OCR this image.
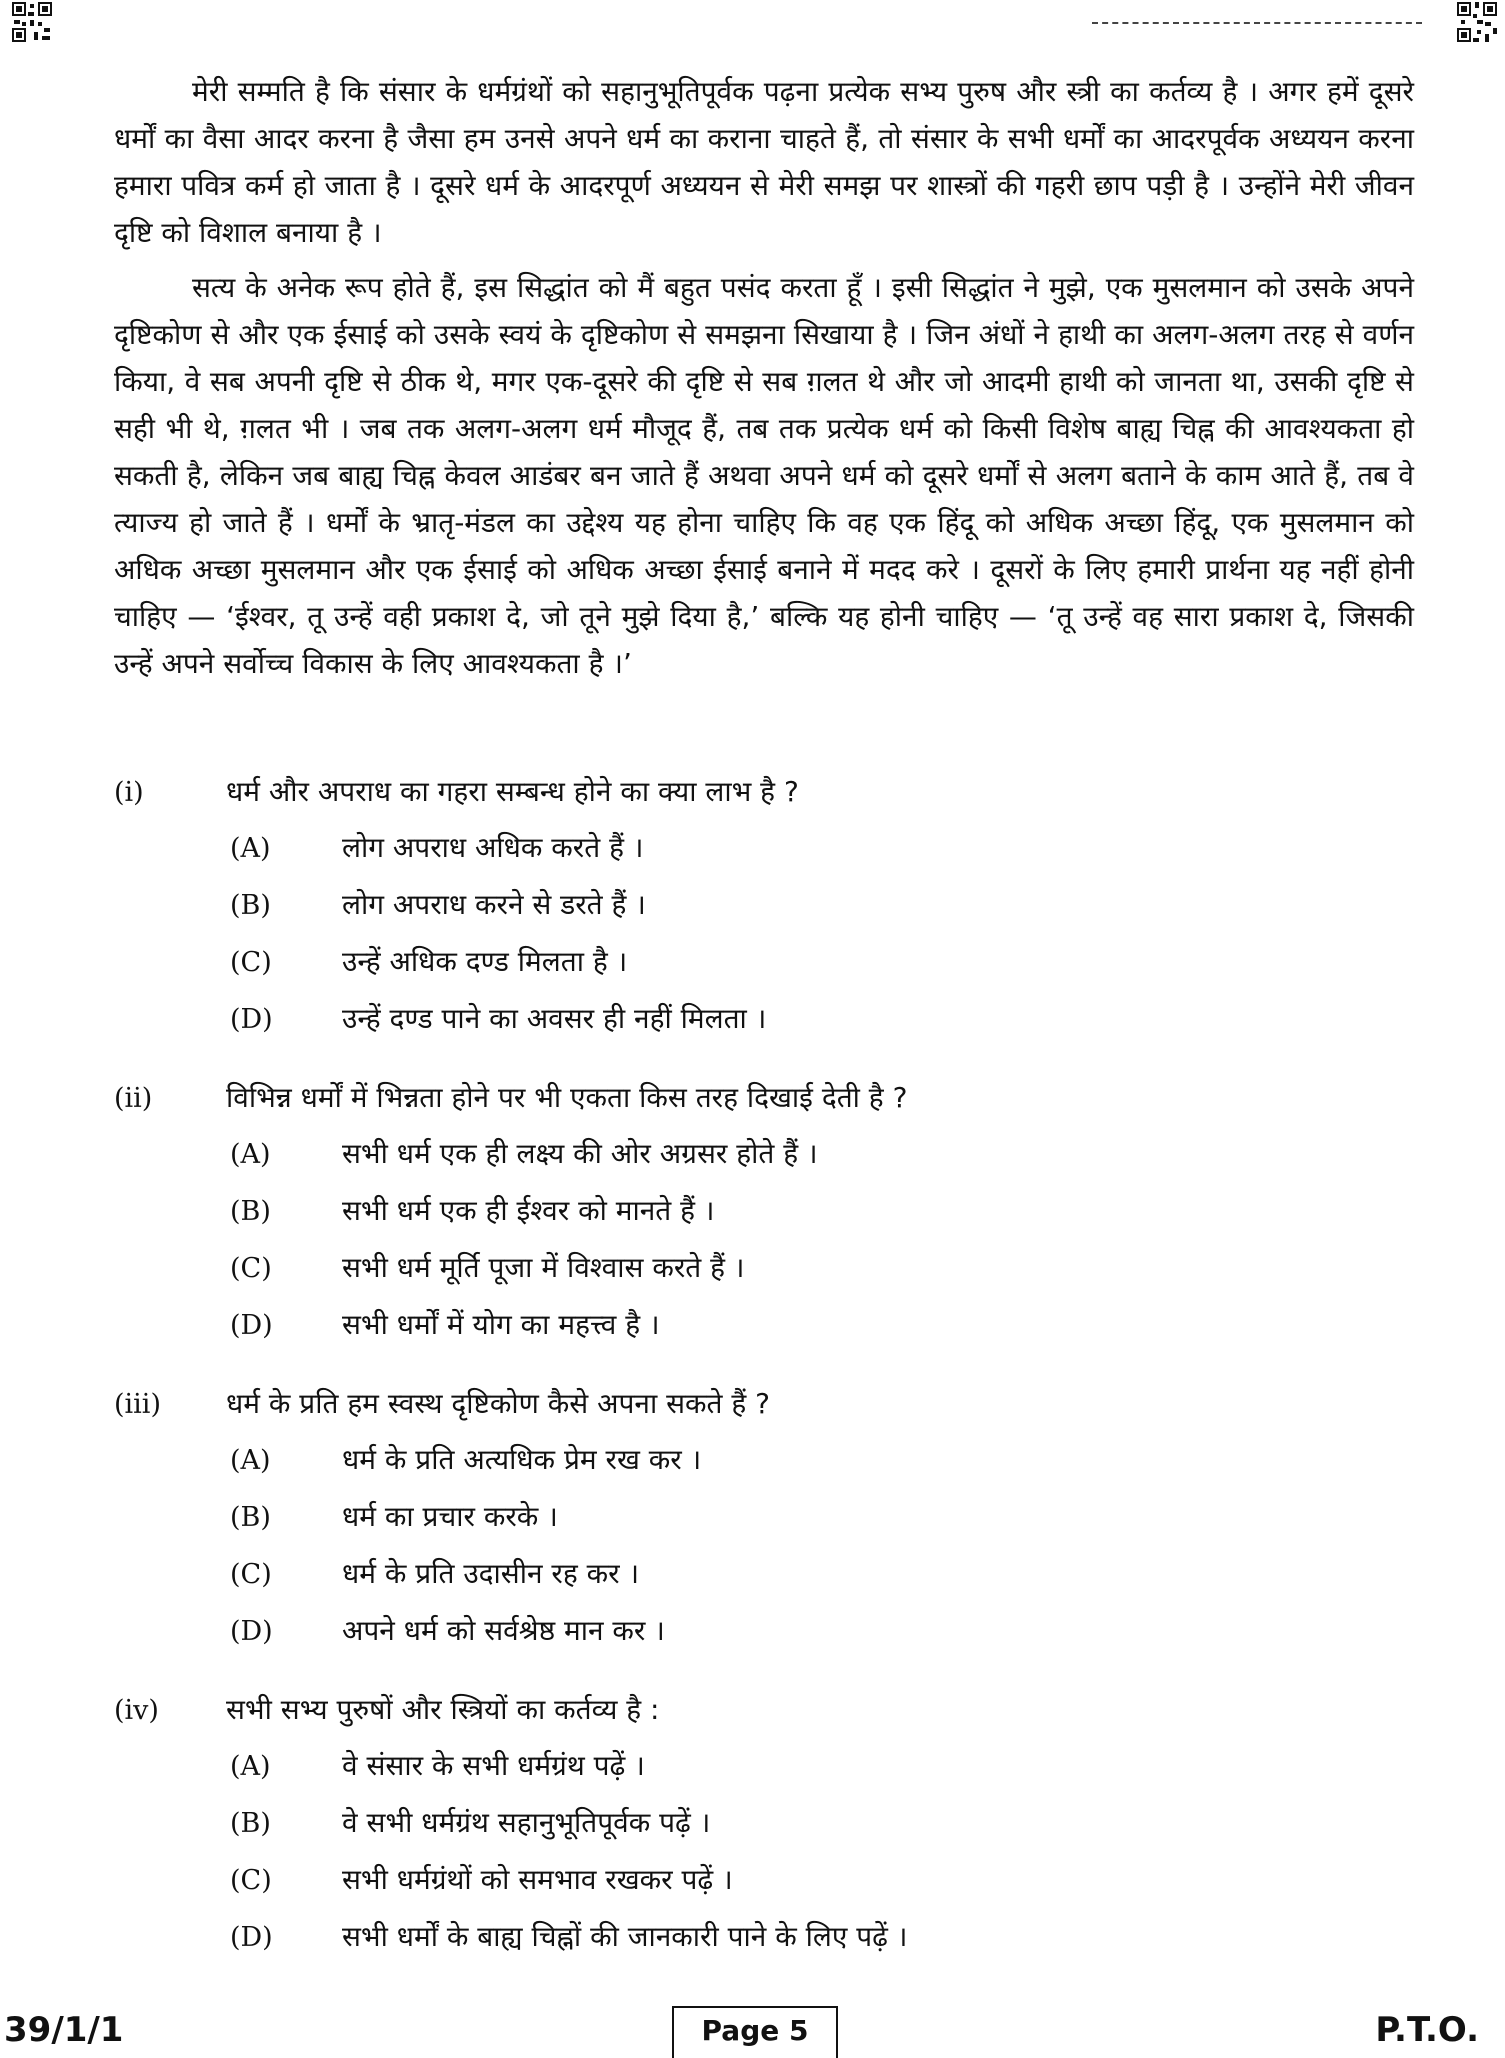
मेरी सम्मति है कि संसार के धर्मग्रंथों को सहानुभूतिपूर्वक पढ़ना प्रत्येक सभ्य पुरुष और स्त्री का कर्तव्य है । अगर हमें दूसरे धर्मों का वैसा आदर करना है जैसा हम उनसे अपने धर्म का कराना चाहते हैं, तो संसार के सभी धर्मों का आदरपूर्वक अध्ययन करना हमारा पवित्र कर्म हो जाता है । दूसरे धर्म के आदरपूर्ण अध्ययन से मेरी समझ पर शास्त्रों की गहरी छाप पड़ी है । उन्होंने मेरी जीवन दृष्टि को विशाल बनाया है ।

सत्य के अनेक रूप होते हैं, इस सिद्धांत को मैं बहुत पसंद करता हूँ । इसी सिद्धांत ने मुझे, एक मुसलमान को उसके अपने दृष्टिकोण से और एक ईसाई को उसके स्वयं के दृष्टिकोण से समझना सिखाया है । जिन अंधों ने हाथी का अलग-अलग तरह से वर्णन किया, वे सब अपनी दृष्टि से ठीक थे, मगर एक-दूसरे की दृष्टि से सब ग़लत थे और जो आदमी हाथी को जानता था, उसकी दृष्टि से सही भी थे, ग़लत भी । जब तक अलग-अलग धर्म मौजूद हैं, तब तक प्रत्येक धर्म को किसी विशेष बाह्य चिह्न की आवश्यकता हो सकती है, लेकिन जब बाह्य चिह्न केवल आडंबर बन जाते हैं अथवा अपने धर्म को दूसरे धर्मों से अलग बताने के काम आते हैं, तब वे त्याज्य हो जाते हैं । धर्मों के भ्रातृ-मंडल का उद्देश्य यह होना चाहिए कि वह एक हिंदू को अधिक अच्छा हिंदू, एक मुसलमान को अधिक अच्छा मुसलमान और एक ईसाई को अधिक अच्छा ईसाई बनाने में मदद करे । दूसरों के लिए हमारी प्रार्थना यह नहीं होनी चाहिए — ‘ईश्वर, तू उन्हें वही प्रकाश दे, जो तूने मुझे दिया है,’ बल्कि यह होनी चाहिए — ‘तू उन्हें वह सारा प्रकाश दे, जिसकी उन्हें अपने सर्वोच्च विकास के लिए आवश्यकता है ।’

(i)	धर्म और अपराध का गहरा सम्बन्ध होने का क्या लाभ है ?
(A)	लोग अपराध अधिक करते हैं ।
(B)	लोग अपराध करने से डरते हैं ।
(C)	उन्हें अधिक दण्ड मिलता है ।
(D)	उन्हें दण्ड पाने का अवसर ही नहीं मिलता ।
(ii)	विभिन्न धर्मों में भिन्नता होने पर भी एकता किस तरह दिखाई देती है ?
(A)	सभी धर्म एक ही लक्ष्य की ओर अग्रसर होते हैं ।
(B)	सभी धर्म एक ही ईश्वर को मानते हैं ।
(C)	सभी धर्म मूर्ति पूजा में विश्वास करते हैं ।
(D)	सभी धर्मों में योग का महत्त्व है ।
(iii)	धर्म के प्रति हम स्वस्थ दृष्टिकोण कैसे अपना सकते हैं ?
(A)	धर्म के प्रति अत्यधिक प्रेम रख कर ।
(B)	धर्म का प्रचार करके ।
(C)	धर्म के प्रति उदासीन रह कर ।
(D)	अपने धर्म को सर्वश्रेष्ठ मान कर ।
(iv)	सभी सभ्य पुरुषों और स्त्रियों का कर्तव्य है :
(A)	वे संसार के सभी धर्मग्रंथ पढ़ें ।
(B)	वे सभी धर्मग्रंथ सहानुभूतिपूर्वक पढ़ें ।
(C)	सभी धर्मग्रंथों को समभाव रखकर पढ़ें ।
(D)	सभी धर्मों के बाह्य चिह्नों की जानकारी पाने के लिए पढ़ें ।
39/1/1	Page 5	P.T.O.
